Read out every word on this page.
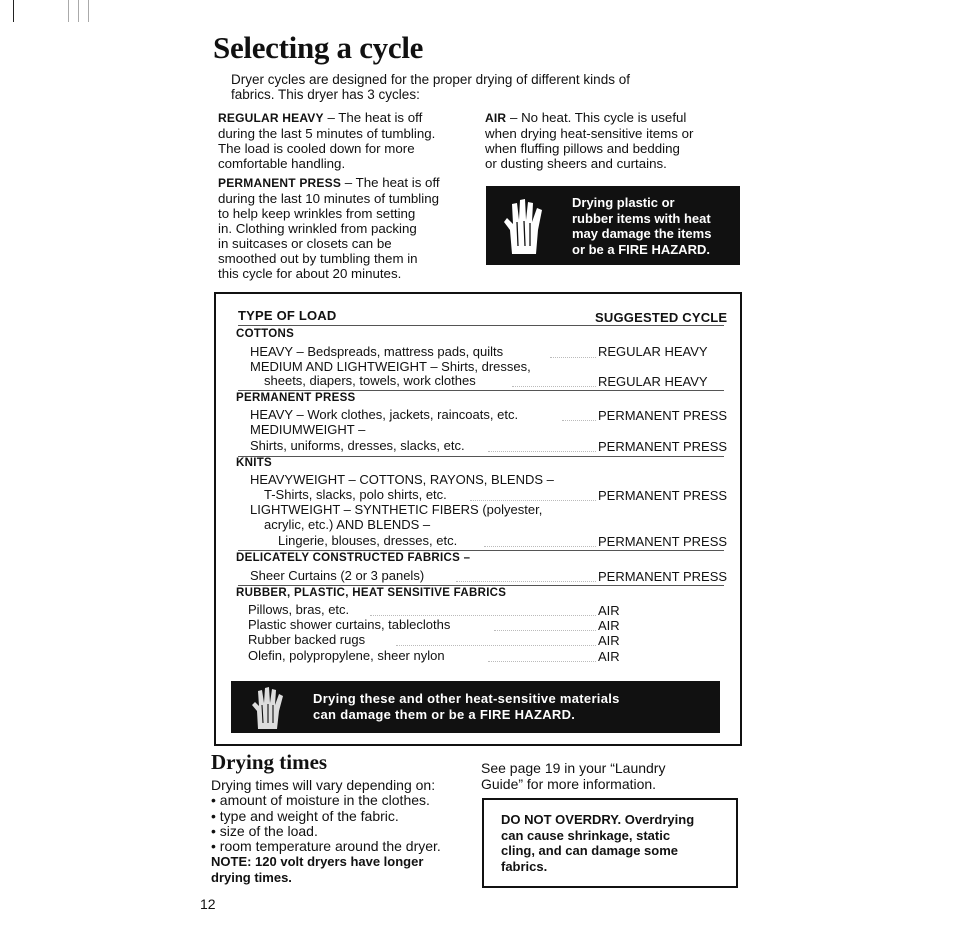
Selecting a cycle
Dryer cycles are designed for the proper drying of different kinds of
fabrics. This dryer has 3 cycles:
REGULAR HEAVY – The heat is off
during the last 5 minutes of tumbling.
The load is cooled down for more
comfortable handling.
PERMANENT PRESS – The heat is off
during the last 10 minutes of tumbling
to help keep wrinkles from setting
in. Clothing wrinkled from packing
in suitcases or closets can be
smoothed out by tumbling them in
this cycle for about 20 minutes.
AIR – No heat. This cycle is useful
when drying heat-sensitive items or
when fluffing pillows and bedding
or dusting sheers and curtains.
Drying plastic or
rubber items with heat
may damage the items
or be a FIRE HAZARD.
TYPE OF LOAD	SUGGESTED CYCLE
COTTONS
HEAVY – Bedspreads, mattress pads, quilts	REGULAR HEAVY
MEDIUM AND LIGHTWEIGHT – Shirts, dresses,
sheets, diapers, towels, work clothes	REGULAR HEAVY
PERMANENT PRESS
HEAVY – Work clothes, jackets, raincoats, etc.	PERMANENT PRESS
MEDIUMWEIGHT –
Shirts, uniforms, dresses, slacks, etc.	PERMANENT PRESS
KNITS
HEAVYWEIGHT – COTTONS, RAYONS, BLENDS –
T-Shirts, slacks, polo shirts, etc.	PERMANENT PRESS
LIGHTWEIGHT – SYNTHETIC FIBERS (polyester,
acrylic, etc.) AND BLENDS –
Lingerie, blouses, dresses, etc.	PERMANENT PRESS
DELICATELY CONSTRUCTED FABRICS –
Sheer Curtains (2 or 3 panels)	PERMANENT PRESS
RUBBER, PLASTIC, HEAT SENSITIVE FABRICS
Pillows, bras, etc.	AIR
Plastic shower curtains, tablecloths	AIR
Rubber backed rugs	AIR
Olefin, polypropylene, sheer nylon	AIR
Drying these and other heat-sensitive materials
can damage them or be a FIRE HAZARD.
Drying times
Drying times will vary depending on:
• amount of moisture in the clothes.
• type and weight of the fabric.
• size of the load.
• room temperature around the dryer.
NOTE: 120 volt dryers have longer
drying times.
See page 19 in your “Laundry
Guide” for more information.
DO NOT OVERDRY. Overdrying
can cause shrinkage, static
cling, and can damage some
fabrics.
12
